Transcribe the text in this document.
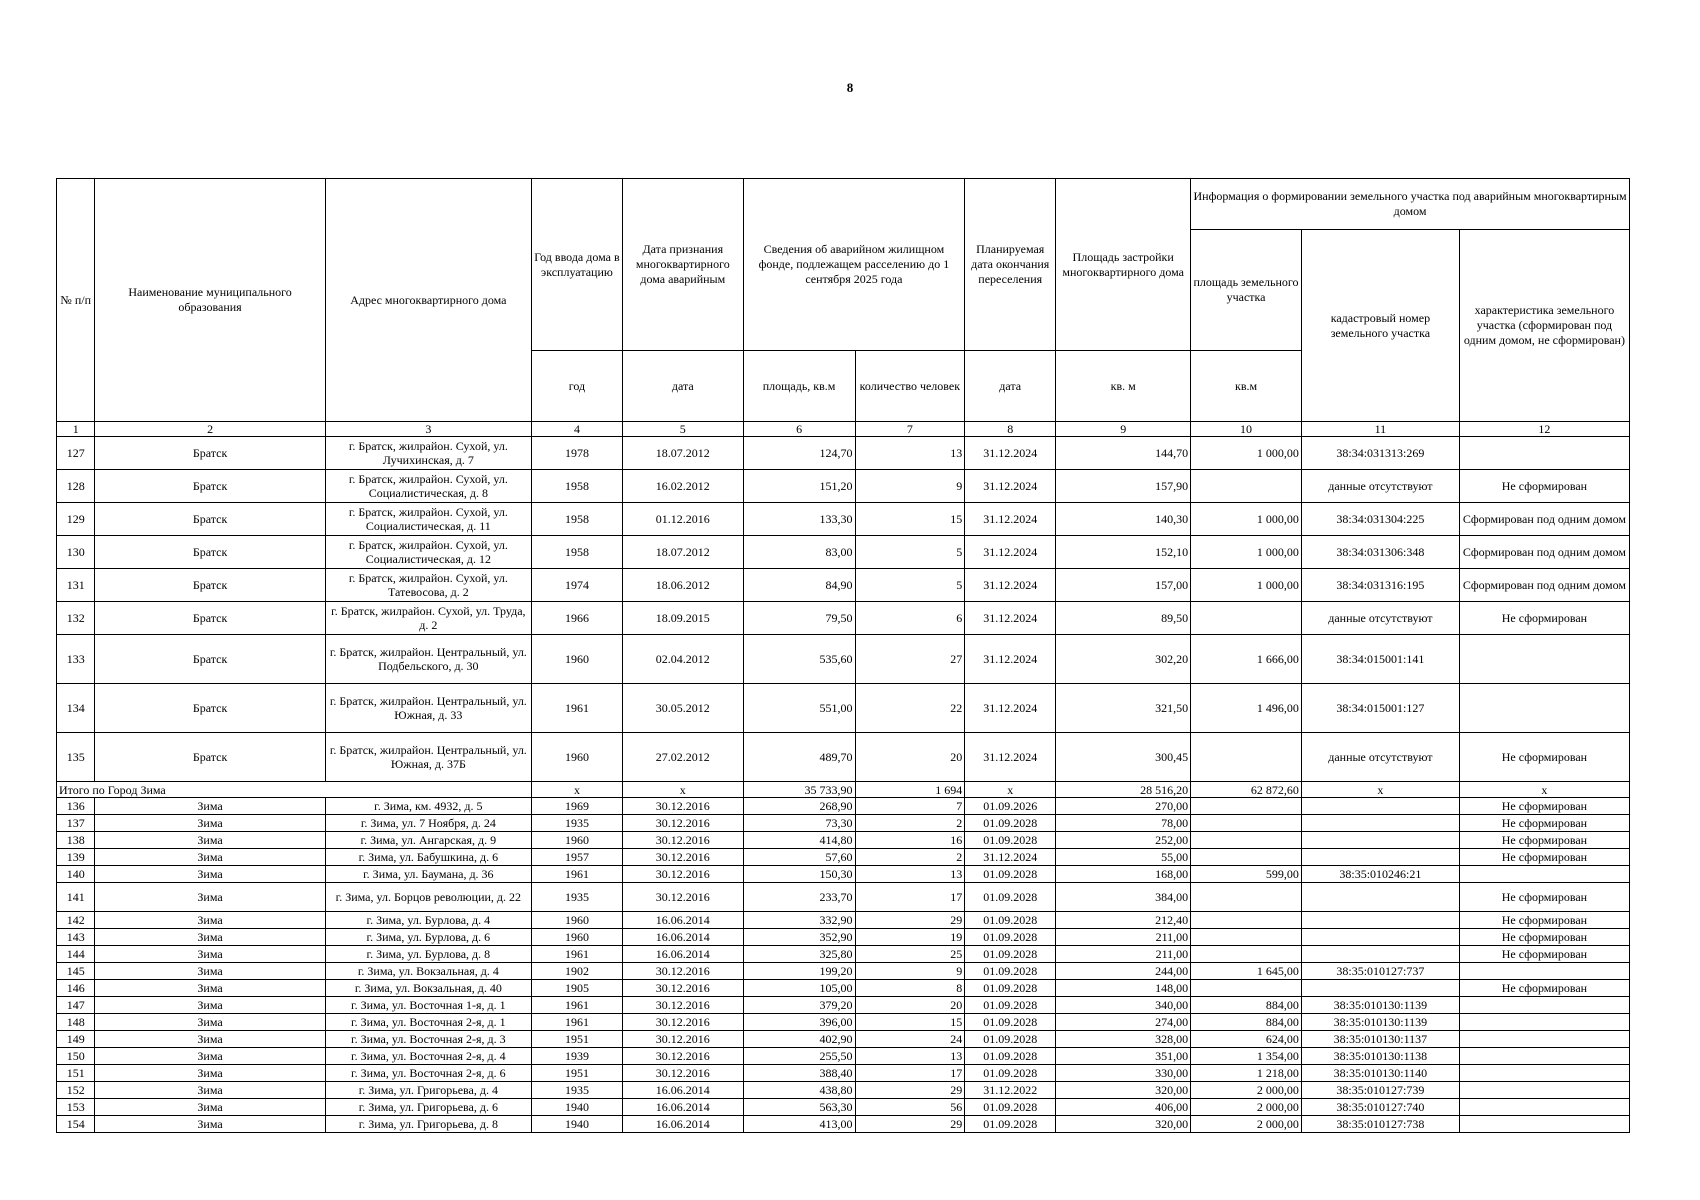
8
№ п/п	Наименование муниципального образования	Адрес многоквартирного дома	Год ввода дома в эксплуатацию	Дата признания многоквартирного дома аварийным	Сведения об аварийном жилищном фонде, подлежащем расселению до 1 сентября 2025 года		Планируемая дата окончания переселения	Площадь застройки многоквартирного дома	Информация о формировании земельного участка под аварийным многоквартирным домом		
									площадь земельного участка	кадастровый номер земельного участка	характеристика земельного участка (сформирован под одним домом, не сформирован)
			год	дата	площадь, кв.м	количество человек	дата	кв. м	кв.м		
1	2	3	4	5	6	7	8	9	10	11	12
127	Братск	г. Братск, жилрайон. Сухой, ул. Лучихинская, д. 7	1978	18.07.2012	124,70	13	31.12.2024	144,70	1 000,00	38:34:031313:269	
128	Братск	г. Братск, жилрайон. Сухой, ул. Социалистическая, д. 8	1958	16.02.2012	151,20	9	31.12.2024	157,90		данные отсутствуют	Не сформирован
129	Братск	г. Братск, жилрайон. Сухой, ул. Социалистическая, д. 11	1958	01.12.2016	133,30	15	31.12.2024	140,30	1 000,00	38:34:031304:225	Сформирован под одним домом
130	Братск	г. Братск, жилрайон. Сухой, ул. Социалистическая, д. 12	1958	18.07.2012	83,00	5	31.12.2024	152,10	1 000,00	38:34:031306:348	Сформирован под одним домом
131	Братск	г. Братск, жилрайон. Сухой, ул. Татевосова, д. 2	1974	18.06.2012	84,90	5	31.12.2024	157,00	1 000,00	38:34:031316:195	Сформирован под одним домом
132	Братск	г. Братск, жилрайон. Сухой, ул. Труда, д. 2	1966	18.09.2015	79,50	6	31.12.2024	89,50		данные отсутствуют	Не сформирован
133	Братск	г. Братск, жилрайон. Центральный, ул. Подбельского, д. 30	1960	02.04.2012	535,60	27	31.12.2024	302,20	1 666,00	38:34:015001:141	
134	Братск	г. Братск, жилрайон. Центральный, ул. Южная, д. 33	1961	30.05.2012	551,00	22	31.12.2024	321,50	1 496,00	38:34:015001:127	
135	Братск	г. Братск, жилрайон. Центральный, ул. Южная, д. 37Б	1960	27.02.2012	489,70	20	31.12.2024	300,45		данные отсутствуют	Не сформирован
Итого по Город Зима			x	x	35 733,90	1 694	x	28 516,20	62 872,60	x	x
136	Зима	г. Зима, км. 4932, д. 5	1969	30.12.2016	268,90	7	01.09.2026	270,00			Не сформирован
137	Зима	г. Зима, ул. 7 Ноября, д. 24	1935	30.12.2016	73,30	2	01.09.2028	78,00			Не сформирован
138	Зима	г. Зима, ул. Ангарская, д. 9	1960	30.12.2016	414,80	16	01.09.2028	252,00			Не сформирован
139	Зима	г. Зима, ул. Бабушкина, д. 6	1957	30.12.2016	57,60	2	31.12.2024	55,00			Не сформирован
140	Зима	г. Зима, ул. Баумана, д. 36	1961	30.12.2016	150,30	13	01.09.2028	168,00	599,00	38:35:010246:21	
141	Зима	г. Зима, ул. Борцов революции, д. 22	1935	30.12.2016	233,70	17	01.09.2028	384,00			Не сформирован
142	Зима	г. Зима, ул. Бурлова, д. 4	1960	16.06.2014	332,90	29	01.09.2028	212,40			Не сформирован
143	Зима	г. Зима, ул. Бурлова, д. 6	1960	16.06.2014	352,90	19	01.09.2028	211,00			Не сформирован
144	Зима	г. Зима, ул. Бурлова, д. 8	1961	16.06.2014	325,80	25	01.09.2028	211,00			Не сформирован
145	Зима	г. Зима, ул. Вокзальная, д. 4	1902	30.12.2016	199,20	9	01.09.2028	244,00	1 645,00	38:35:010127:737	
146	Зима	г. Зима, ул. Вокзальная, д. 40	1905	30.12.2016	105,00	8	01.09.2028	148,00			Не сформирован
147	Зима	г. Зима, ул. Восточная 1-я, д. 1	1961	30.12.2016	379,20	20	01.09.2028	340,00	884,00	38:35:010130:1139	
148	Зима	г. Зима, ул. Восточная 2-я, д. 1	1961	30.12.2016	396,00	15	01.09.2028	274,00	884,00	38:35:010130:1139	
149	Зима	г. Зима, ул. Восточная 2-я, д. 3	1951	30.12.2016	402,90	24	01.09.2028	328,00	624,00	38:35:010130:1137	
150	Зима	г. Зима, ул. Восточная 2-я, д. 4	1939	30.12.2016	255,50	13	01.09.2028	351,00	1 354,00	38:35:010130:1138	
151	Зима	г. Зима, ул. Восточная 2-я, д. 6	1951	30.12.2016	388,40	17	01.09.2028	330,00	1 218,00	38:35:010130:1140	
152	Зима	г. Зима, ул. Григорьева, д. 4	1935	16.06.2014	438,80	29	31.12.2022	320,00	2 000,00	38:35:010127:739	
153	Зима	г. Зима, ул. Григорьева, д. 6	1940	16.06.2014	563,30	56	01.09.2028	406,00	2 000,00	38:35:010127:740	
154	Зима	г. Зима, ул. Григорьева, д. 8	1940	16.06.2014	413,00	29	01.09.2028	320,00	2 000,00	38:35:010127:738	
